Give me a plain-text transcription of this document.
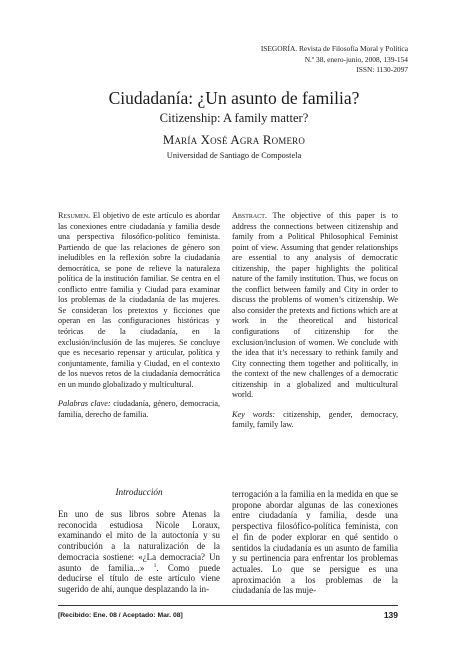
ISEGORÍA. Revista de Filosofía Moral y Política
N.º 38, enero-junio, 2008, 139-154
ISSN: 1130-2097
Ciudadanía: ¿Un asunto de familia?
Citizenship: A family matter?
María Xosé Agra Romero
Universidad de Santiago de Compostela

Resumen. El objetivo de este artículo es abordar las conexiones entre ciudadanía y familia desde una perspectiva filosófico-político feminista. Partiendo de que las relaciones de género son ineludibles en la reflexión sobre la ciudadanía democrática, se pone de relieve la naturaleza política de la institución familiar. Se centra en el conflicto entre familia y Ciudad para examinar los problemas de la ciudadanía de las mujeres. Se consideran los pretextos y ficciones que operan en las configuraciones históricas y teóricas de la ciudadanía, en la exclusión/inclusión de las mujeres. Se concluye que es necesario repensar y articular, política y conjuntamente, familia y Ciudad, en el contexto de los nuevos retos de la ciudadanía democrática en un mundo globalizado y multicultural.

Palabras clave: ciudadanía, género, democracia, familia, derecho de familia.

Abstract. The objective of this paper is to address the connections between citizenship and family from a Political Philosophical Feminist point of view. Assuming that gender relationships are essential to any analysis of democratic citizenship, the paper highlights the political nature of the family institution. Thus, we focus on the conflict between family and City in order to discuss the problems of women’s citizenship. We also consider the pretexts and fictions which are at work in the theoretical and historical configurations of citizenship for the exclusion/inclusion of women. We conclude with the idea that it’s necessary to rethink family and City connecting them together and politically, in the context of the new challenges of a democratic citizenship in a globalized and multicultural world.

Key words: citizenship, gender, democracy, family, family law.

Introducción

En uno de sus libros sobre Atenas la reconocida estudiosa Nicole Loraux, examinando el mito de la autoctonía y su contribución a la naturalización de la democracia sostiene: «¿La democracia? Un asunto de familia...» $^1$. Como puede deducirse el título de este artículo viene sugerido de ahí, aunque desplazando la in-

terrogación a la familia en la medida en que se propone abordar algunas de las conexiones entre ciudadanía y familia, desde una perspectiva filosófico-política feminista, con el fin de poder explorar en qué sentido o sentidos la ciudadanía es un asunto de familia y su pertinencia para enfrentar los problemas actuales. Lo que se persigue es una aproximación a los problemas de la ciudadanía de las muje-

[Recibido: Ene. 08 / Aceptado: Mar. 08]	139
